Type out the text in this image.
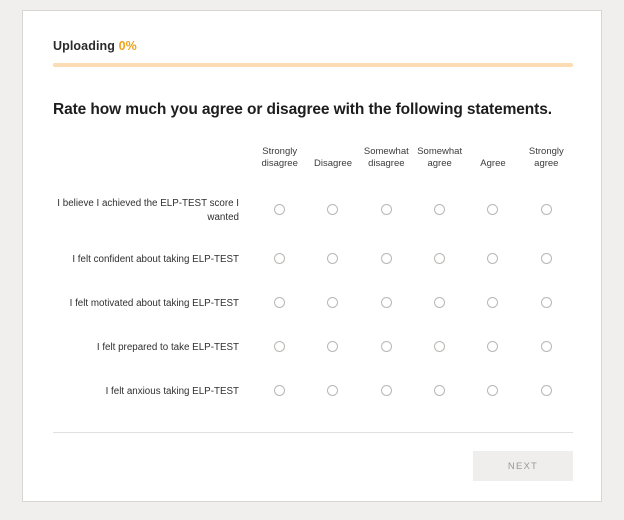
Uploading 0%
Rate how much you agree or disagree with the following statements.
	Strongly disagree	Disagree	Somewhat disagree	Somewhat agree	Agree	Strongly agree
I believe I achieved the ELP-TEST score I wanted						
I felt confident about taking ELP-TEST						
I felt motivated about taking ELP-TEST						
I felt prepared to take ELP-TEST						
I felt anxious taking ELP-TEST						
NEXT
